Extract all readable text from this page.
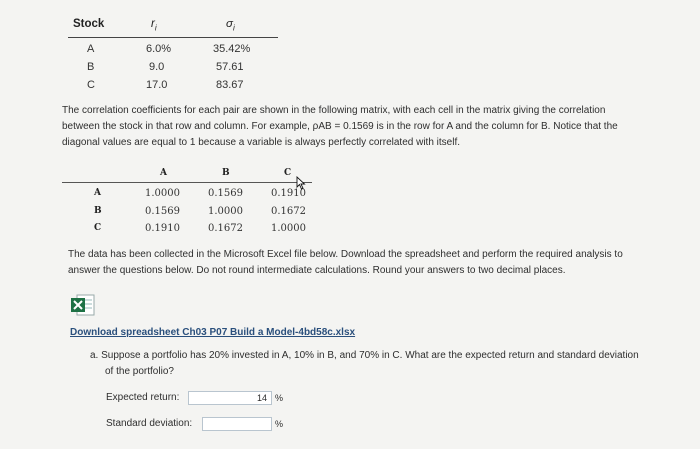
Stock	$r_i$	$\sigma_i$
A	6.0%	35.42%
B	9.0	57.61
C	17.0	83.67
The correlation coefficients for each pair are shown in the following matrix, with each cell in the matrix giving the correlation
between the stock in that row and column. For example, ρAB = 0.1569 is in the row for A and the column for B. Notice that the
diagonal values are equal to 1 because a variable is always perfectly correlated with itself.
A	B	C
A	1.0000	0.1569	0.1910
B	0.1569	1.0000	0.1672
C	0.1910	0.1672	1.0000
The data has been collected in the Microsoft Excel file below. Download the spreadsheet and perform the required analysis to
answer the questions below. Do not round intermediate calculations. Round your answers to two decimal places.
Download spreadsheet Ch03 P07 Build a Model-4bd58c.xlsx
a. Suppose a portfolio has 20% invested in A, 10% in B, and 70% in C. What are the expected return and standard deviation
of the portfolio?
Expected return:	14 %
Standard deviation:	%
